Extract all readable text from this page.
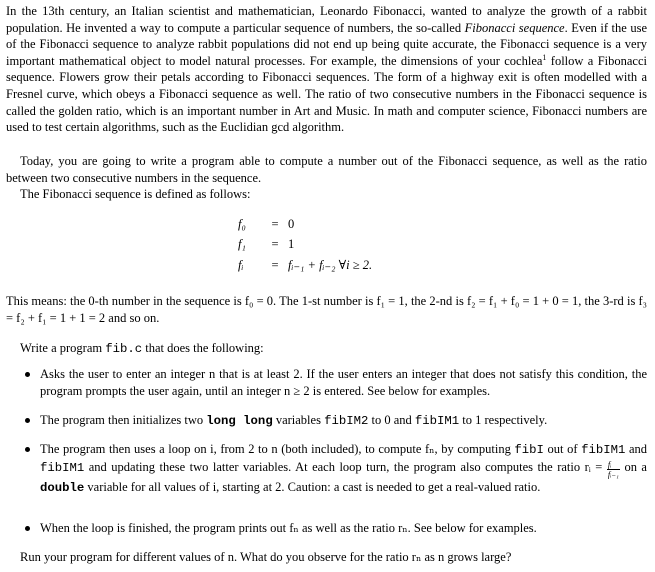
In the 13th century, an Italian scientist and mathematician, Leonardo Fibonacci, wanted to analyze the growth of a rabbit population. He invented a way to compute a particular sequence of numbers, the so-called Fibonacci sequence. Even if the use of the Fibonacci sequence to analyze rabbit populations did not end up being quite accurate, the Fibonacci sequence is a very important mathematical object to model natural processes. For example, the dimensions of your cochlea$^1$ follow a Fibonacci sequence. Flowers grow their petals according to Fibonacci sequences. The form of a highway exit is often modelled with a Fresnel curve, which obeys a Fibonacci sequence as well. The ratio of two consecutive numbers in the Fibonacci sequence is called the golden ratio, which is an important number in Art and Music. In math and computer science, Fibonacci numbers are used to test certain algorithms, such as the Euclidian gcd algorithm.

Today, you are going to write a program able to compute a number out of the Fibonacci sequence, as well as the ratio between two consecutive numbers in the sequence.

The Fibonacci sequence is defined as follows:

f₀	= 0
f₁	= 1
fᵢ	= fᵢ₋₁ + fᵢ₋₂ ∀i ≥ 2.

This means: the 0-th number in the sequence is f₀ = 0. The 1-st number is f₁ = 1, the 2-nd is f₂ = f₁ + f₀ = 1 + 0 = 1, the 3-rd is f₃ = f₂ + f₁ = 1 + 1 = 2 and so on.

Write a program fib.c that does the following:

Asks the user to enter an integer n that is at least 2. If the user enters an integer that does not satisfy this condition, the program prompts the user again, until an integer n ≥ 2 is entered. See below for examples.

The program then initializes two long long variables fibIM2 to 0 and fibIM1 to 1 respectively.

The program then uses a loop on i, from 2 to n (both included), to compute fₙ, by computing fibI out of fibIM1 and fibIM1 and updating these two latter variables. At each loop turn, the program also computes the ratio rᵢ = $\frac{\text{fᵢ}}{\text{fᵢ₋₁}}$ on a double variable for all values of i, starting at 2. Caution: a cast is needed to get a real-valued ratio.

When the loop is finished, the program prints out fₙ as well as the ratio rₙ. See below for examples.

Run your program for different values of n. What do you observe for the ratio rₙ as n grows large?
